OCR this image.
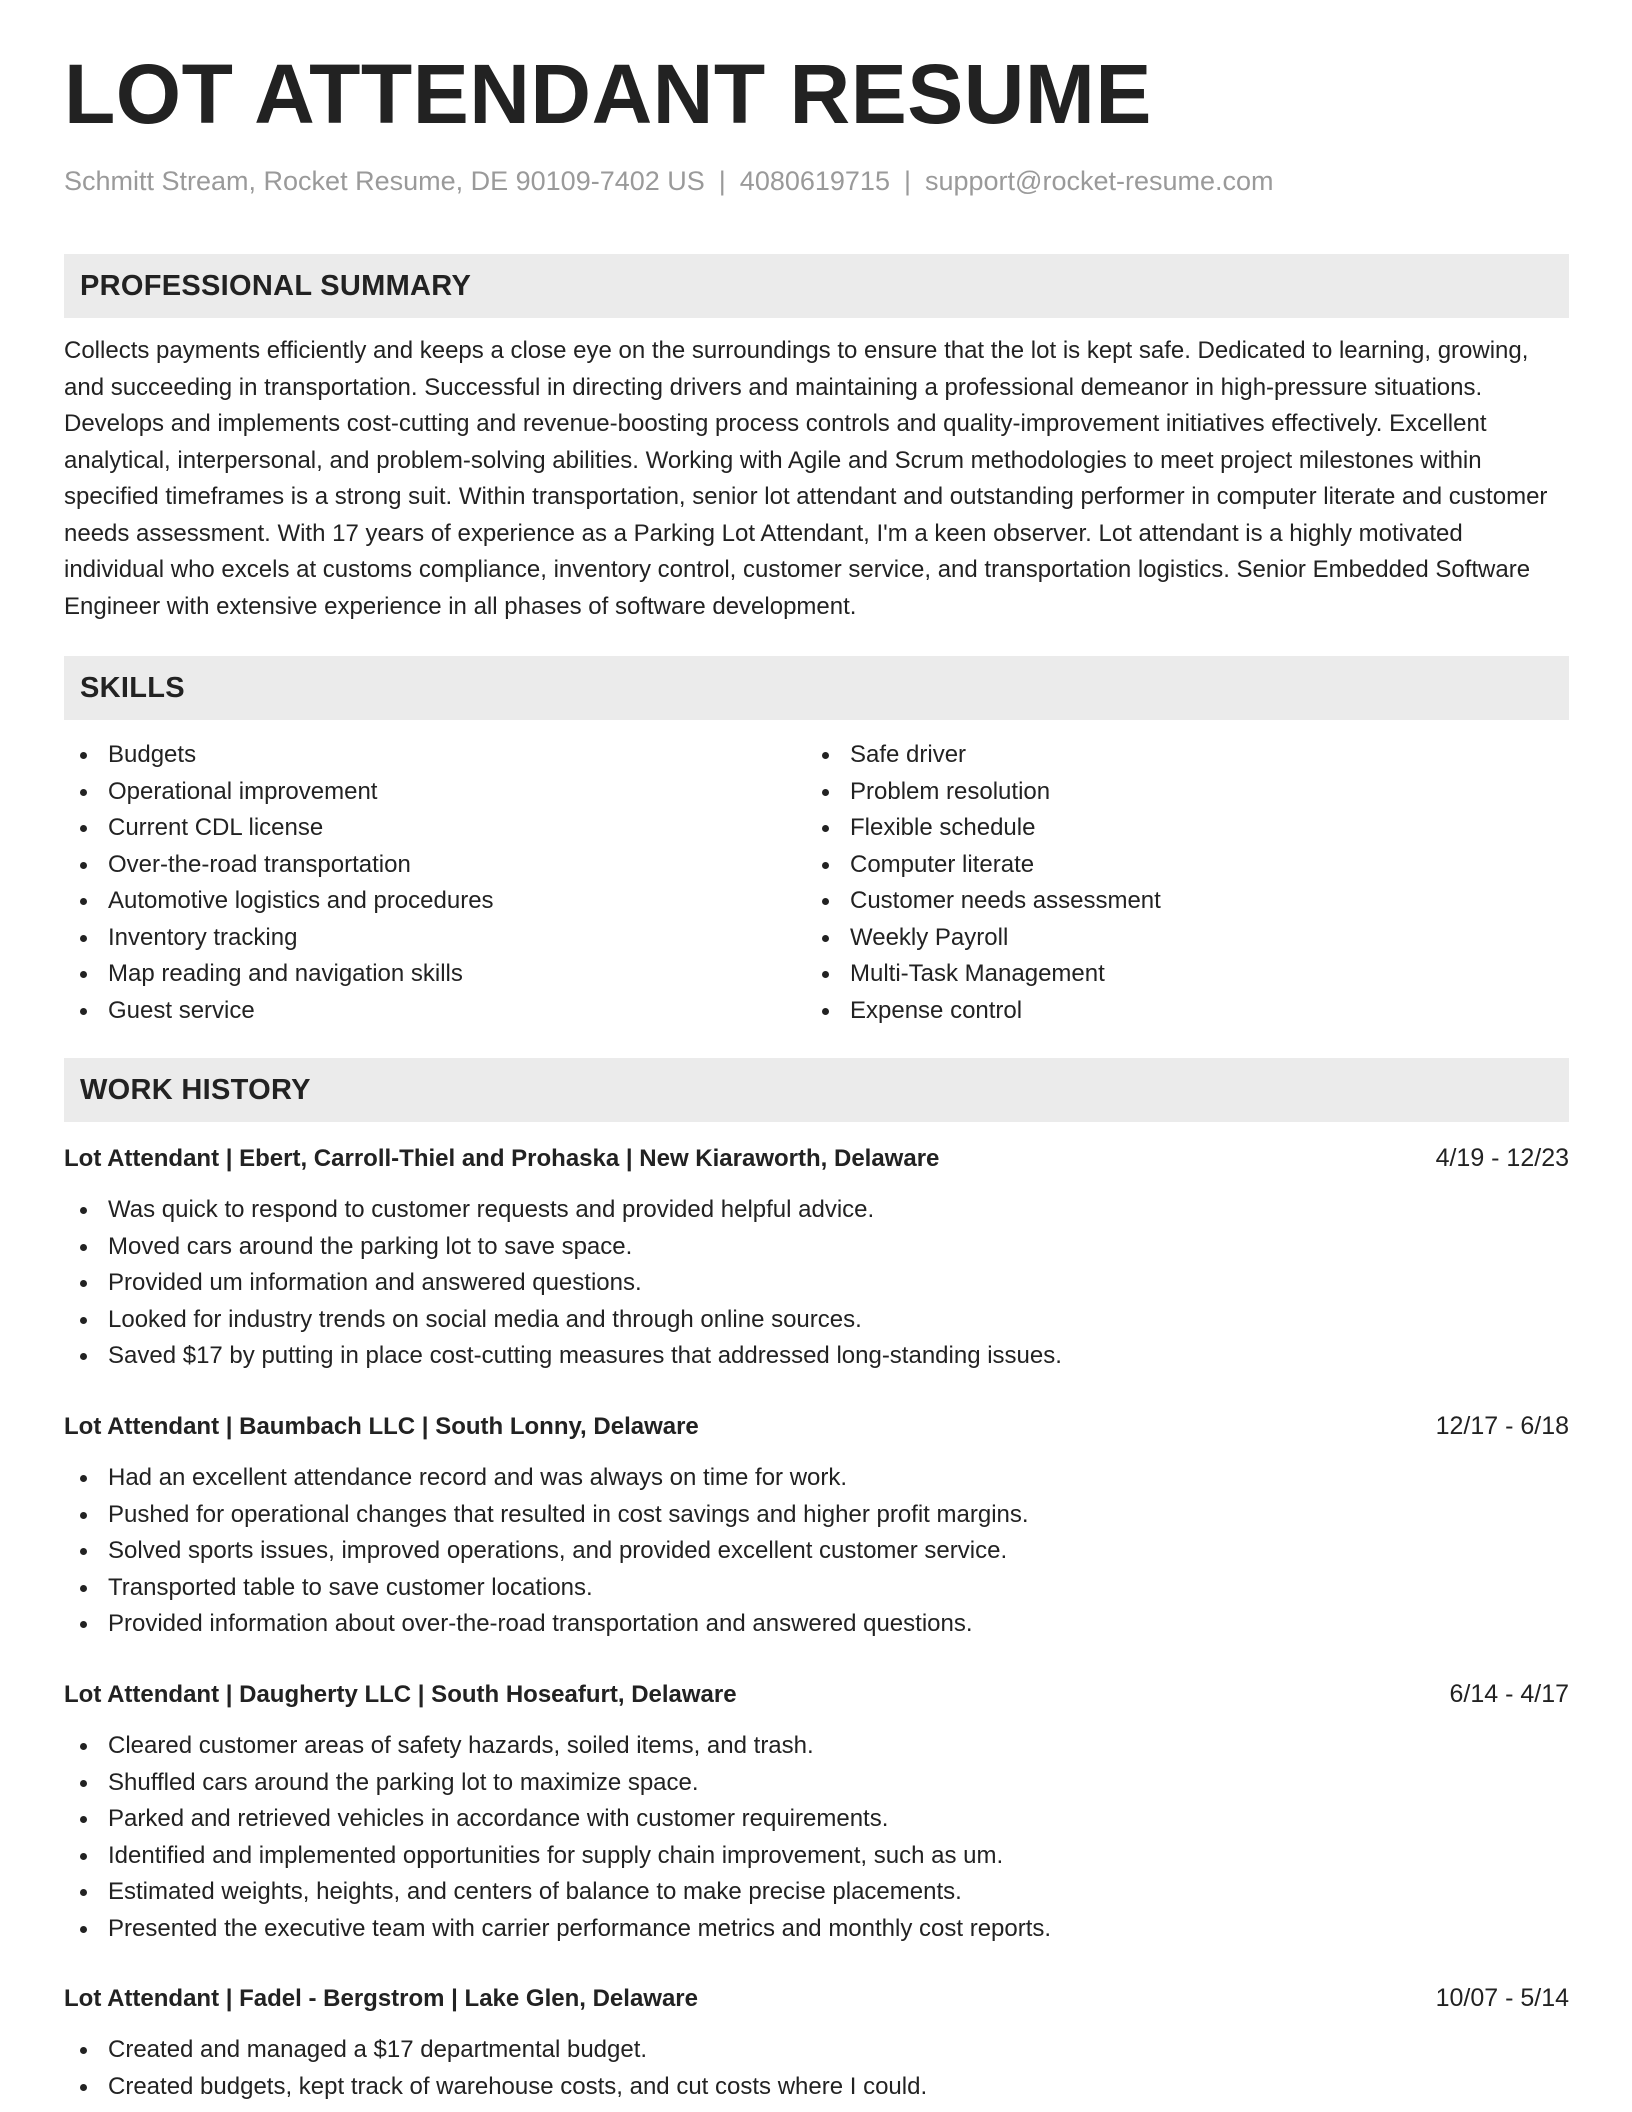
LOT ATTENDANT RESUME
Schmitt Stream, Rocket Resume, DE 90109-7402 US | 4080619715 | support@rocket-resume.com
PROFESSIONAL SUMMARY

Collects payments efficiently and keeps a close eye on the surroundings to ensure that the lot is kept safe. Dedicated to learning, growing, and succeeding in transportation. Successful in directing drivers and maintaining a professional demeanor in high-pressure situations. Develops and implements cost-cutting and revenue-boosting process controls and quality-improvement initiatives effectively. Excellent analytical, interpersonal, and problem-solving abilities. Working with Agile and Scrum methodologies to meet project milestones within specified timeframes is a strong suit. Within transportation, senior lot attendant and outstanding performer in computer literate and customer needs assessment. With 17 years of experience as a Parking Lot Attendant, I'm a keen observer. Lot attendant is a highly motivated individual who excels at customs compliance, inventory control, customer service, and transportation logistics. Senior Embedded Software Engineer with extensive experience in all phases of software development.

SKILLS
Budgets
Operational improvement
Current CDL license
Over-the-road transportation
Automotive logistics and procedures
Inventory tracking
Map reading and navigation skills
Guest service
Safe driver
Problem resolution
Flexible schedule
Computer literate
Customer needs assessment
Weekly Payroll
Multi-Task Management
Expense control
WORK HISTORY
Lot Attendant | Ebert, Carroll-Thiel and Prohaska | New Kiaraworth, Delaware	4/19 - 12/23
Was quick to respond to customer requests and provided helpful advice.
Moved cars around the parking lot to save space.
Provided um information and answered questions.
Looked for industry trends on social media and through online sources.
Saved $17 by putting in place cost-cutting measures that addressed long-standing issues.
Lot Attendant | Baumbach LLC | South Lonny, Delaware	12/17 - 6/18
Had an excellent attendance record and was always on time for work.
Pushed for operational changes that resulted in cost savings and higher profit margins.
Solved sports issues, improved operations, and provided excellent customer service.
Transported table to save customer locations.
Provided information about over-the-road transportation and answered questions.
Lot Attendant | Daugherty LLC | South Hoseafurt, Delaware	6/14 - 4/17
Cleared customer areas of safety hazards, soiled items, and trash.
Shuffled cars around the parking lot to maximize space.
Parked and retrieved vehicles in accordance with customer requirements.
Identified and implemented opportunities for supply chain improvement, such as um.
Estimated weights, heights, and centers of balance to make precise placements.
Presented the executive team with carrier performance metrics and monthly cost reports.
Lot Attendant | Fadel - Bergstrom | Lake Glen, Delaware	10/07 - 5/14
Created and managed a $17 departmental budget.
Created budgets, kept track of warehouse costs, and cut costs where I could.
